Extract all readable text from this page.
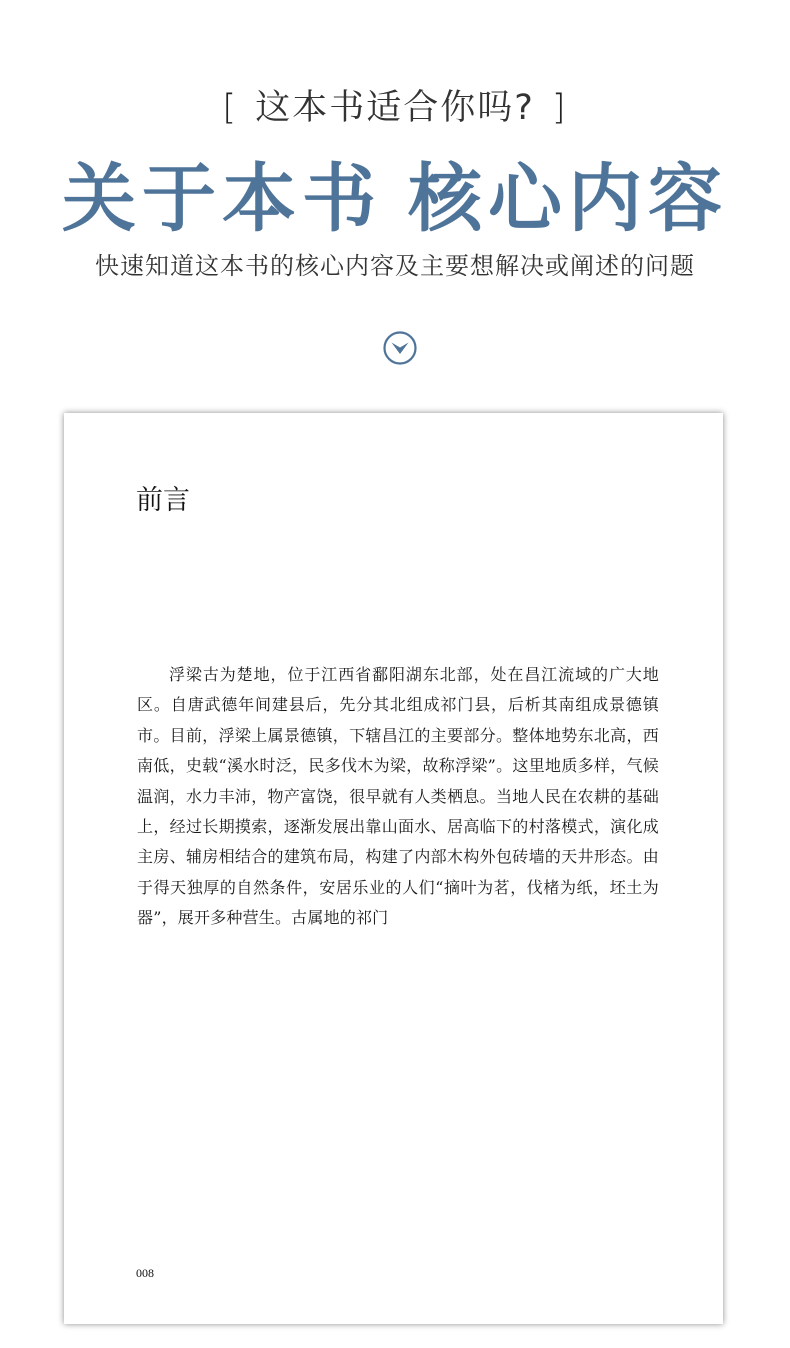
[ 这本书适合你吗? ]
关于本书 核心内容
快速知道这本书的核心内容及主要想解决或阐述的问题
前言

浮梁古为楚地，位于江西省鄱阳湖东北部，处在昌江流域的广大地区。自唐武德年间建县后，先分其北组成祁门县，后析其南组成景德镇市。目前，浮梁上属景德镇，下辖昌江的主要部分。整体地势东北高，西南低，史载“溪水时泛，民多伐木为梁，故称浮梁”。这里地质多样，气候温润，水力丰沛，物产富饶，很早就有人类栖息。当地人民在农耕的基础上，经过长期摸索，逐渐发展出靠山面水、居高临下的村落模式，演化成主房、辅房相结合的建筑布局，构建了内部木构外包砖墙的天井形态。由于得天独厚的自然条件，安居乐业的人们“摘叶为茗，伐楮为纸，坯土为器”，展开多种营生。古属地的祁门

008
